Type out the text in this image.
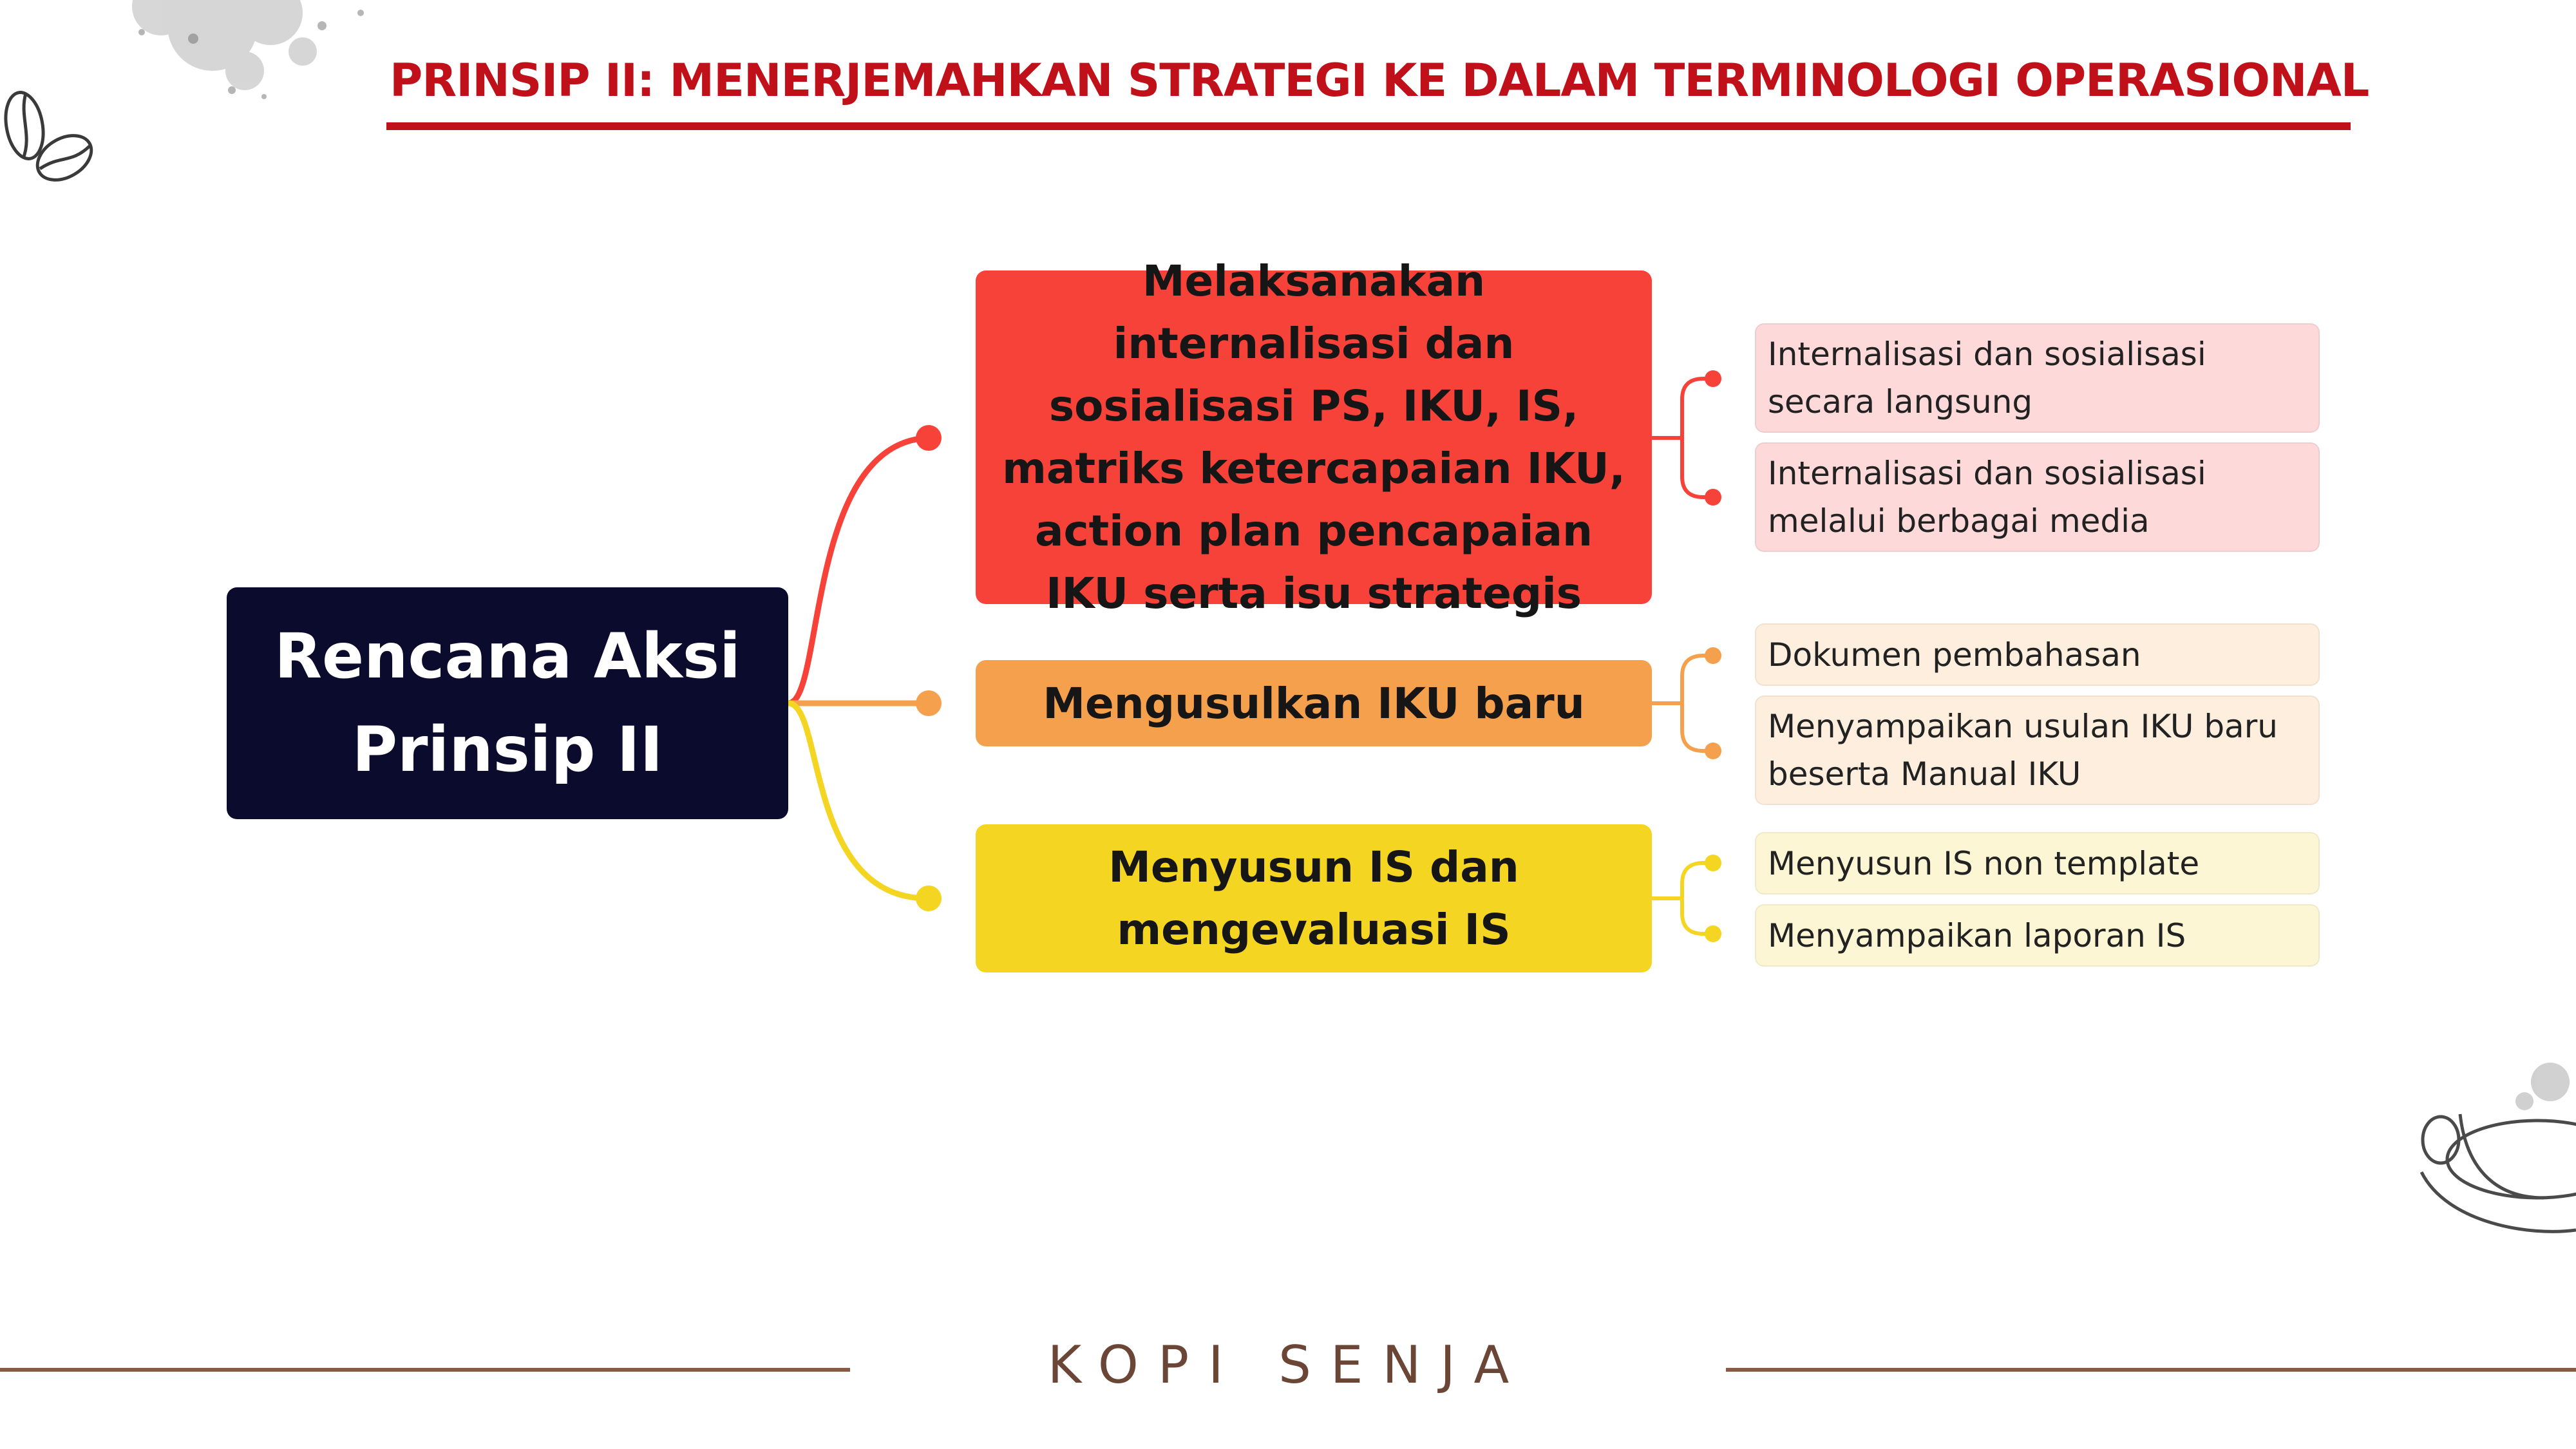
PRINSIP II: MENERJEMAHKAN STRATEGI KE DALAM TERMINOLOGI OPERASIONAL
Rencana Aksi
Prinsip II
Melaksanakan internalisasi dan sosialisasi PS, IKU, IS, matriks ketercapaian IKU, action plan pencapaian IKU serta isu strategis
Mengusulkan IKU baru
Menyusun IS dan mengevaluasi IS
Internalisasi dan sosialisasi secara langsung
Internalisasi dan sosialisasi melalui berbagai media
Dokumen pembahasan
Menyampaikan usulan IKU baru beserta Manual IKU
Menyusun IS non template
Menyampaikan laporan IS
KOPI SENJA
